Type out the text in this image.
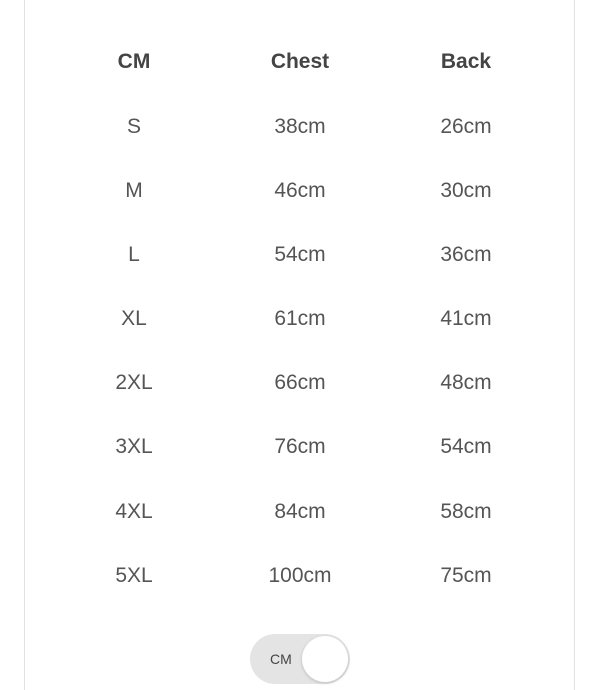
CM	Chest	Back
S	38cm	26cm
M	46cm	30cm
L	54cm	36cm
XL	61cm	41cm
2XL	66cm	48cm
3XL	76cm	54cm
4XL	84cm	58cm
5XL	100cm	75cm
CM
